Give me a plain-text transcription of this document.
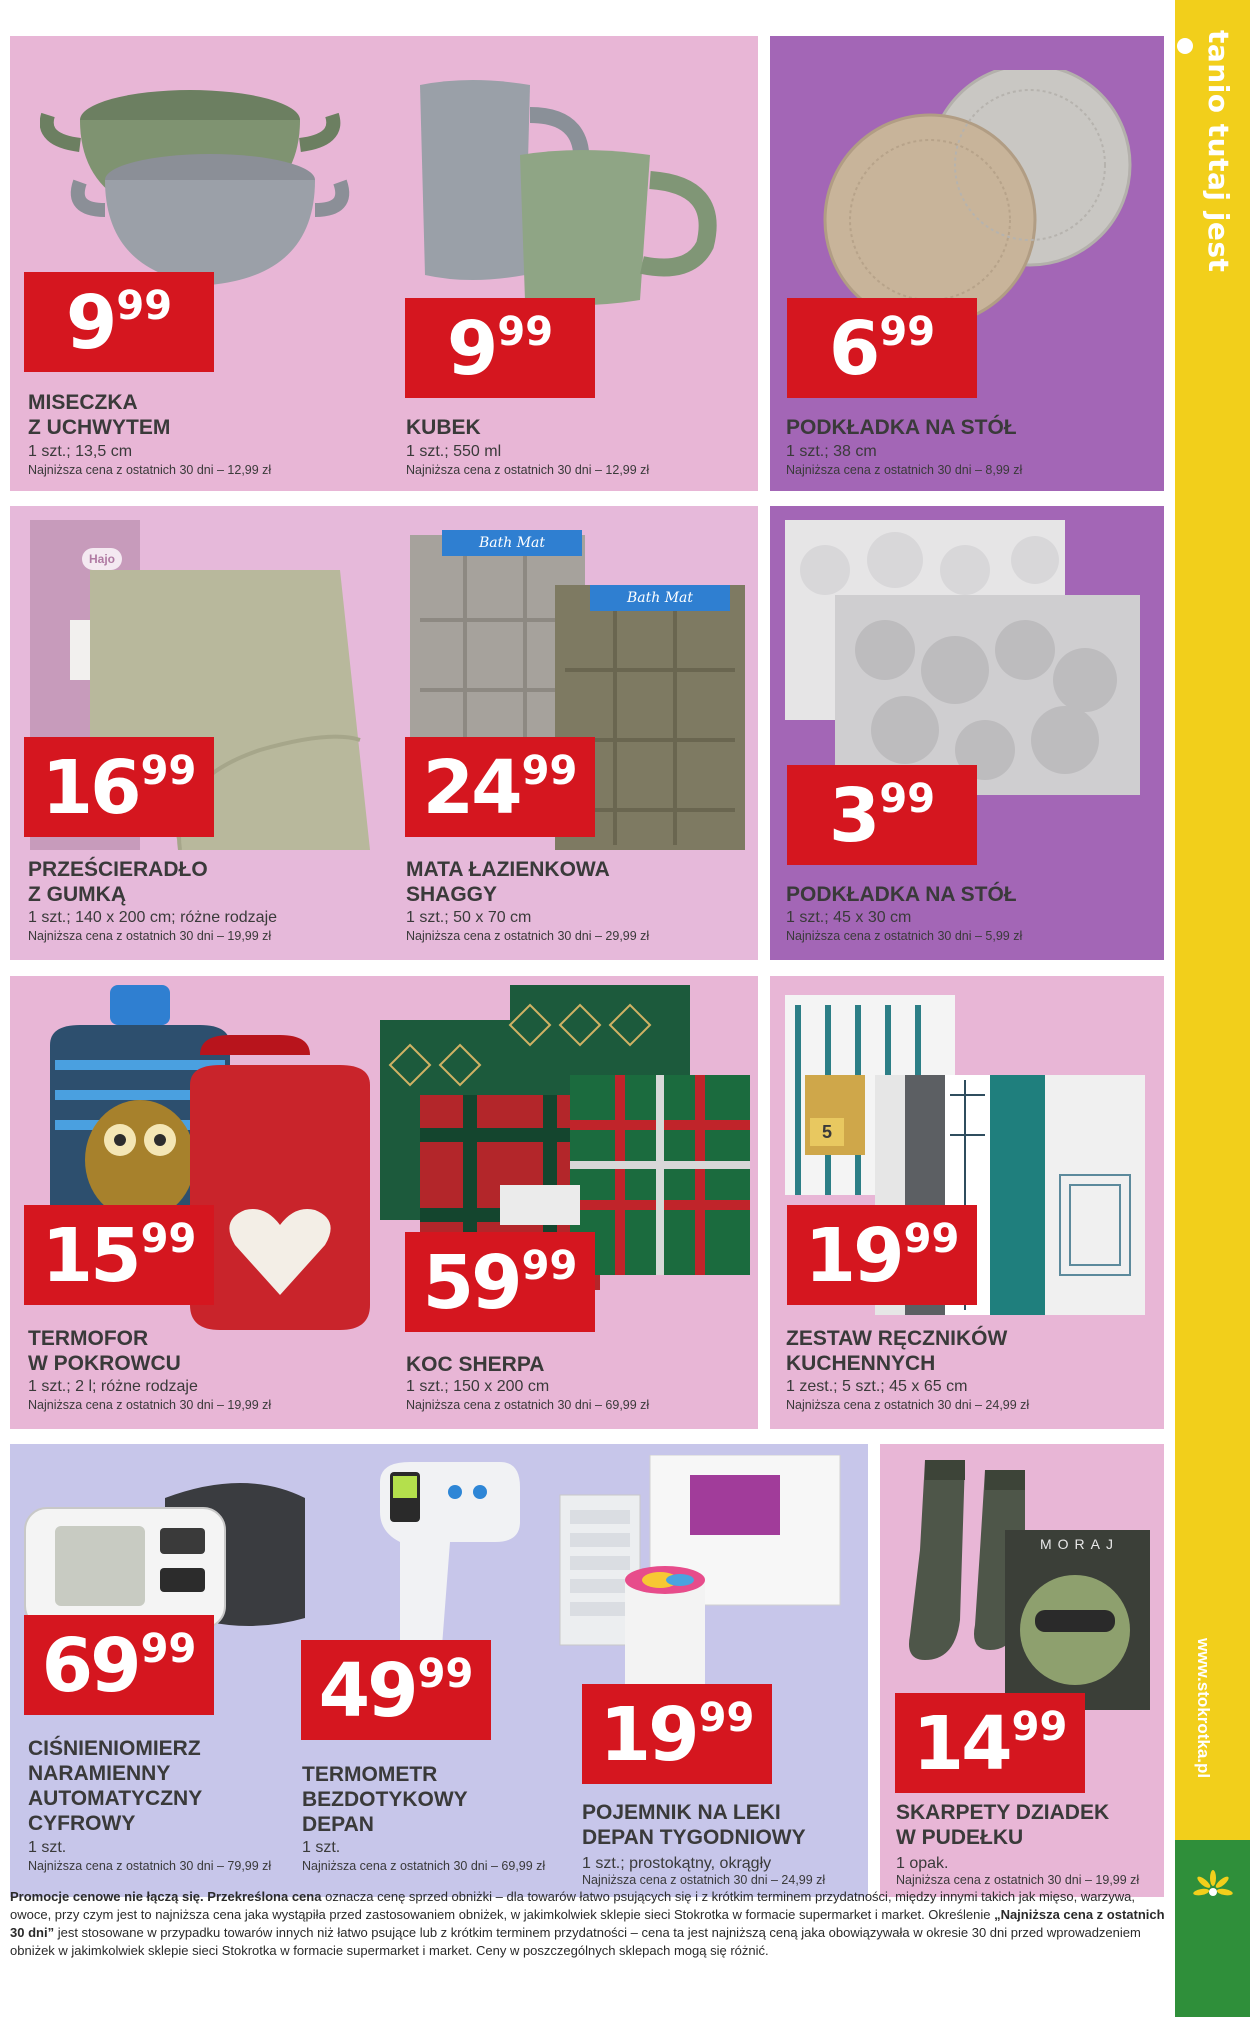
tanio tutaj jest
www.stokrotka.pl
9 99
MISECZKA
Z UCHWYTEM
1 szt.; 13,5 cm
Najniższa cena z ostatnich 30 dni – 12,99 zł
9 99
KUBEK
1 szt.; 550 ml
Najniższa cena z ostatnich 30 dni – 12,99 zł
6 99
PODKŁADKA NA STÓŁ
1 szt.; 38 cm
Najniższa cena z ostatnich 30 dni – 8,99 zł
Hajo
Bath Mat
Bath Mat
16 99
PRZEŚCIERADŁO
Z GUMKĄ
1 szt.; 140 x 200 cm; różne rodzaje
Najniższa cena z ostatnich 30 dni – 19,99 zł
24 99
MATA ŁAZIENKOWA
SHAGGY
1 szt.; 50 x 70 cm
Najniższa cena z ostatnich 30 dni – 29,99 zł
3 99
PODKŁADKA NA STÓŁ
1 szt.; 45 x 30 cm
Najniższa cena z ostatnich 30 dni – 5,99 zł
5
15 99
TERMOFOR
W POKROWCU
1 szt.; 2 l; różne rodzaje
Najniższa cena z ostatnich 30 dni – 19,99 zł
59 99
KOC SHERPA
1 szt.; 150 x 200 cm
Najniższa cena z ostatnich 30 dni – 69,99 zł
19 99
ZESTAW RĘCZNIKÓW
KUCHENNYCH
1 zest.; 5 szt.; 45 x 65 cm
Najniższa cena z ostatnich 30 dni – 24,99 zł
MORAJ
69 99
CIŚNIENIOMIERZ
NARAMIENNY
AUTOMATYCZNY
CYFROWY
1 szt.
Najniższa cena z ostatnich 30 dni – 79,99 zł
49 99
TERMOMETR
BEZDOTYKOWY
DEPAN
1 szt.
Najniższa cena z ostatnich 30 dni – 69,99 zł
19 99
POJEMNIK NA LEKI
DEPAN TYGODNIOWY
1 szt.; prostokątny, okrągły
Najniższa cena z ostatnich 30 dni – 24,99 zł
14 99
SKARPETY DZIADEK
W PUDEŁKU
1 opak.
Najniższa cena z ostatnich 30 dni – 19,99 zł
Promocje cenowe nie łączą się. Przekreślona cena oznacza cenę sprzed obniżki – dla towarów łatwo psujących się i z krótkim terminem przydatności, między innymi takich jak mięso, warzywa, owoce, przy czym jest to najniższa cena jaka wystąpiła przed zastosowaniem obniżek, w jakimkolwiek sklepie sieci Stokrotka w formacie supermarket i market. Określenie „Najniższa cena z ostatnich 30 dni” jest stosowane w przypadku towarów innych niż łatwo psujące lub z krótkim terminem przydatności – cena ta jest najniższą ceną jaka obowiązywała w okresie 30 dni przed wprowadzeniem obniżek w jakimkolwiek sklepie sieci Stokrotka w formacie supermarket i market. Ceny w poszczególnych sklepach mogą się różnić.
